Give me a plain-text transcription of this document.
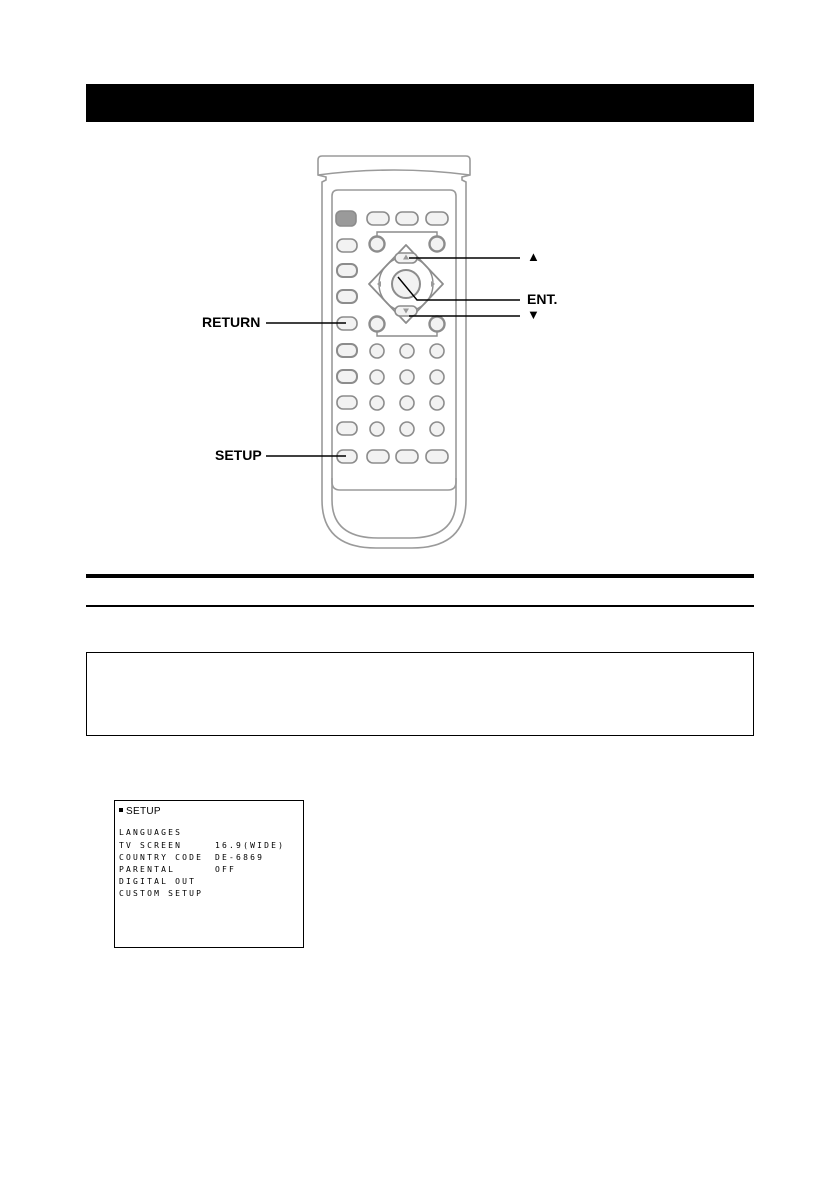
▲
ENT.
▼
RETURN
SETUP
SETUP
LANGUAGES
TV SCREEN	16.9(WIDE)
COUNTRY CODE DE-6869
PARENTAL	OFF
DIGITAL OUT
CUSTOM SETUP
